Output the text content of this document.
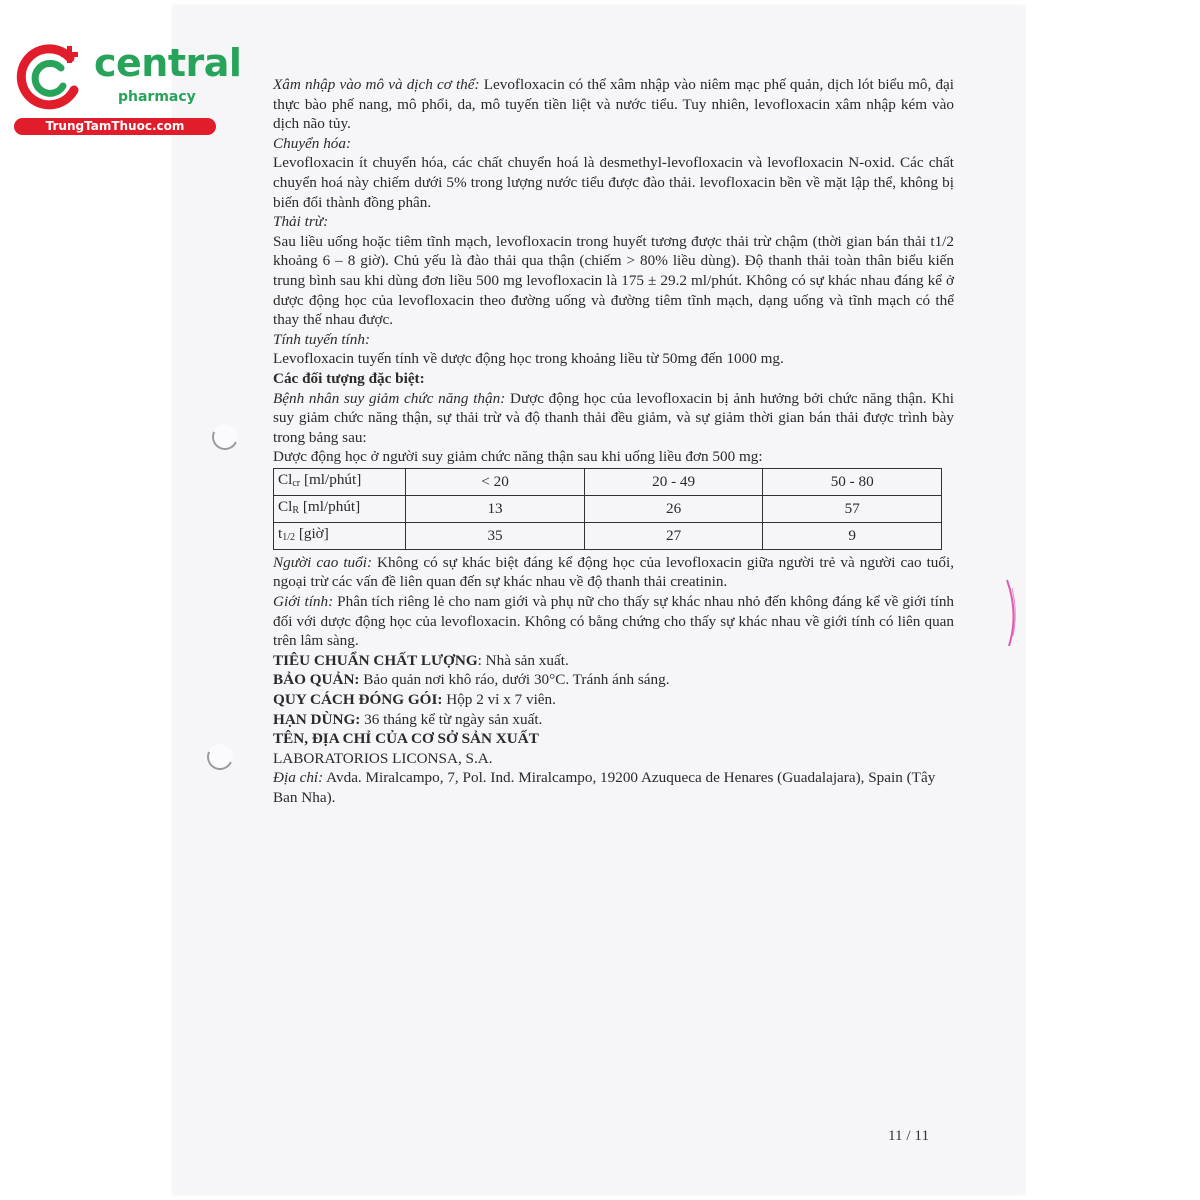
central
pharmacy
TrungTamThuoc.com

Xâm nhập vào mô và dịch cơ thể: Levofloxacin có thể xâm nhập vào niêm mạc phế quản, dịch lót biểu mô, đại thực bào phế nang, mô phổi, da, mô tuyến tiền liệt và nước tiểu. Tuy nhiên, levofloxacin xâm nhập kém vào dịch não tủy.

Chuyển hóa:

Levofloxacin ít chuyển hóa, các chất chuyển hoá là desmethyl-levofloxacin và levofloxacin N-oxid. Các chất chuyển hoá này chiếm dưới 5% trong lượng nước tiểu được đào thải. levofloxacin bền về mặt lập thể, không bị biến đổi thành đồng phân.

Thải trừ:

Sau liều uống hoặc tiêm tĩnh mạch, levofloxacin trong huyết tương được thải trừ chậm (thời gian bán thải t1/2 khoảng 6 – 8 giờ). Chủ yếu là đào thải qua thận (chiếm > 80% liều dùng). Độ thanh thải toàn thân biểu kiến trung bình sau khi dùng đơn liều 500 mg levofloxacin là 175 ± 29.2 ml/phút. Không có sự khác nhau đáng kể ở dược động học của levofloxacin theo đường uống và đường tiêm tĩnh mạch, dạng uống và tĩnh mạch có thể thay thế nhau được.

Tính tuyến tính:

Levofloxacin tuyến tính về dược động học trong khoảng liều từ 50mg đến 1000 mg.

Các đối tượng đặc biệt:

Bệnh nhân suy giảm chức năng thận: Dược động học của levofloxacin bị ảnh hưởng bởi chức năng thận. Khi suy giảm chức năng thận, sự thải trừ và độ thanh thải đều giảm, và sự giảm thời gian bán thải được trình bày trong bảng sau:

Dược động học ở người suy giảm chức năng thận sau khi uống liều đơn 500 mg:

$Cl_{cr}$ [ml/phút]	< 20	20 - 49	50 - 80
$Cl_R$ [ml/phút]	13	26	57
$t_{1/2}$ [giờ]	35	27	9

Người cao tuổi: Không có sự khác biệt đáng kể động học của levofloxacin giữa người trẻ và người cao tuổi, ngoại trừ các vấn đề liên quan đến sự khác nhau về độ thanh thải creatinin.

Giới tính: Phân tích riêng lẻ cho nam giới và phụ nữ cho thấy sự khác nhau nhỏ đến không đáng kể về giới tính đối với dược động học của levofloxacin. Không có bằng chứng cho thấy sự khác nhau về giới tính có liên quan trên lâm sàng.

TIÊU CHUẨN CHẤT LƯỢNG: Nhà sản xuất.

BẢO QUẢN: Bảo quản nơi khô ráo, dưới 30°C. Tránh ánh sáng.

QUY CÁCH ĐÓNG GÓI: Hộp 2 vỉ x 7 viên.

HẠN DÙNG: 36 tháng kể từ ngày sản xuất.

TÊN, ĐỊA CHỈ CỦA CƠ SỞ SẢN XUẤT

LABORATORIOS LICONSA, S.A.

Địa chỉ: Avda. Miralcampo, 7, Pol. Ind. Miralcampo, 19200 Azuqueca de Henares (Guadalajara), Spain (Tây Ban Nha).

11 / 11
